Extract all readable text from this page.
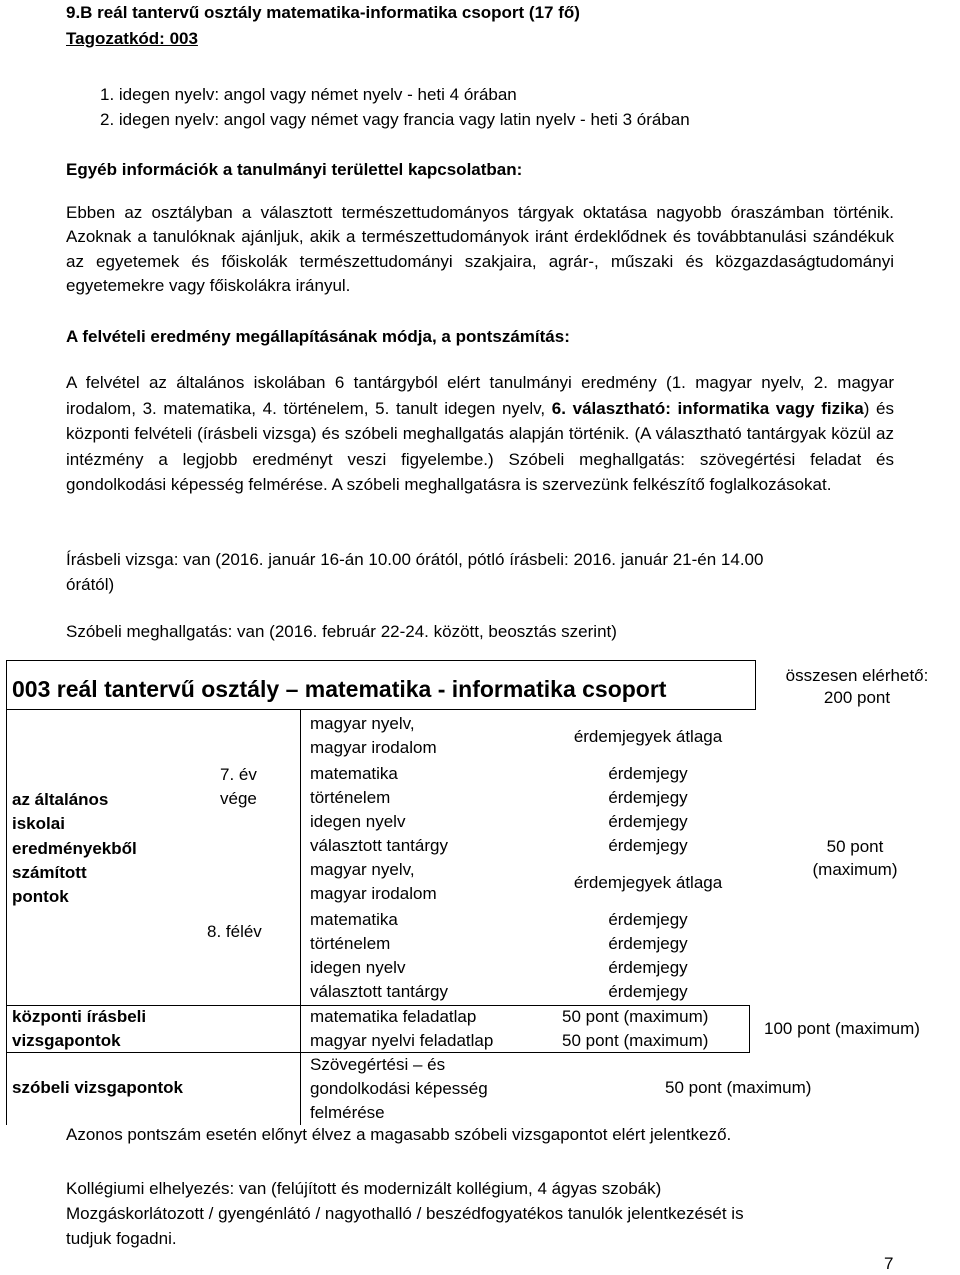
9.B reál tantervű osztály matematika-informatika csoport (17 fő)
Tagozatkód: 003
1. idegen nyelv: angol vagy német nyelv - heti 4 órában
2. idegen nyelv: angol vagy német vagy francia vagy latin nyelv - heti 3 órában
Egyéb információk a tanulmányi területtel kapcsolatban:
Ebben az osztályban a választott természettudományos tárgyak oktatása nagyobb óraszámban történik. Azoknak a tanulóknak ajánljuk, akik a természettudományok iránt érdeklődnek és továbbtanulási szándékuk az egyetemek és főiskolák természettudományi szakjaira, agrár-, műszaki és közgazdaságtudományi egyetemekre vagy főiskolákra irányul.
A felvételi eredmény megállapításának módja, a pontszámítás:
A felvétel az általános iskolában 6 tantárgyból elért tanulmányi eredmény (1. magyar nyelv, 2. magyar irodalom, 3. matematika, 4. történelem, 5. tanult idegen nyelv, 6. választható: informatika vagy fizika) és központi felvételi (írásbeli vizsga) és szóbeli meghallgatás alapján történik. (A választható tantárgyak közül az intézmény a legjobb eredményt veszi figyelembe.) Szóbeli meghallgatás: szövegértési feladat és gondolkodási képesség felmérése. A szóbeli meghallgatásra is szervezünk felkészítő foglalkozásokat.
Írásbeli vizsga: van (2016. január 16-án 10.00 órától, pótló írásbeli: 2016. január 21-én 14.00
órától)
Szóbeli meghallgatás: van (2016. február 22-24. között, beosztás szerint)
003 reál tantervű osztály – matematika - informatika csoport
összesen elérhető:
200 pont
az általános
iskolai
eredményekből
számított
pontok
7. év
vége
8. félév
magyar nyelv,
magyar irodalom
matematika
történelem
idegen nyelv
választott tantárgy
érdemjegyek átlaga
érdemjegy
érdemjegy
érdemjegy
érdemjegy
magyar nyelv,
magyar irodalom
matematika
történelem
idegen nyelv
választott tantárgy
érdemjegyek átlaga
érdemjegy
érdemjegy
érdemjegy
érdemjegy
50 pont
(maximum)
központi írásbeli
vizsgapontok
matematika feladatlap
magyar nyelvi feladatlap
50 pont (maximum)
50 pont (maximum)
100 pont (maximum)
szóbeli vizsgapontok
Szövegértési – és
gondolkodási képesség
felmérése
50 pont (maximum)
Azonos pontszám esetén előnyt élvez a magasabb szóbeli vizsgapontot elért jelentkező.
Kollégiumi elhelyezés: van (felújított és modernizált kollégium, 4 ágyas szobák)
Mozgáskorlátozott / gyengénlátó / nagyothalló / beszédfogyatékos tanulók jelentkezését is
tudjuk fogadni.
7
